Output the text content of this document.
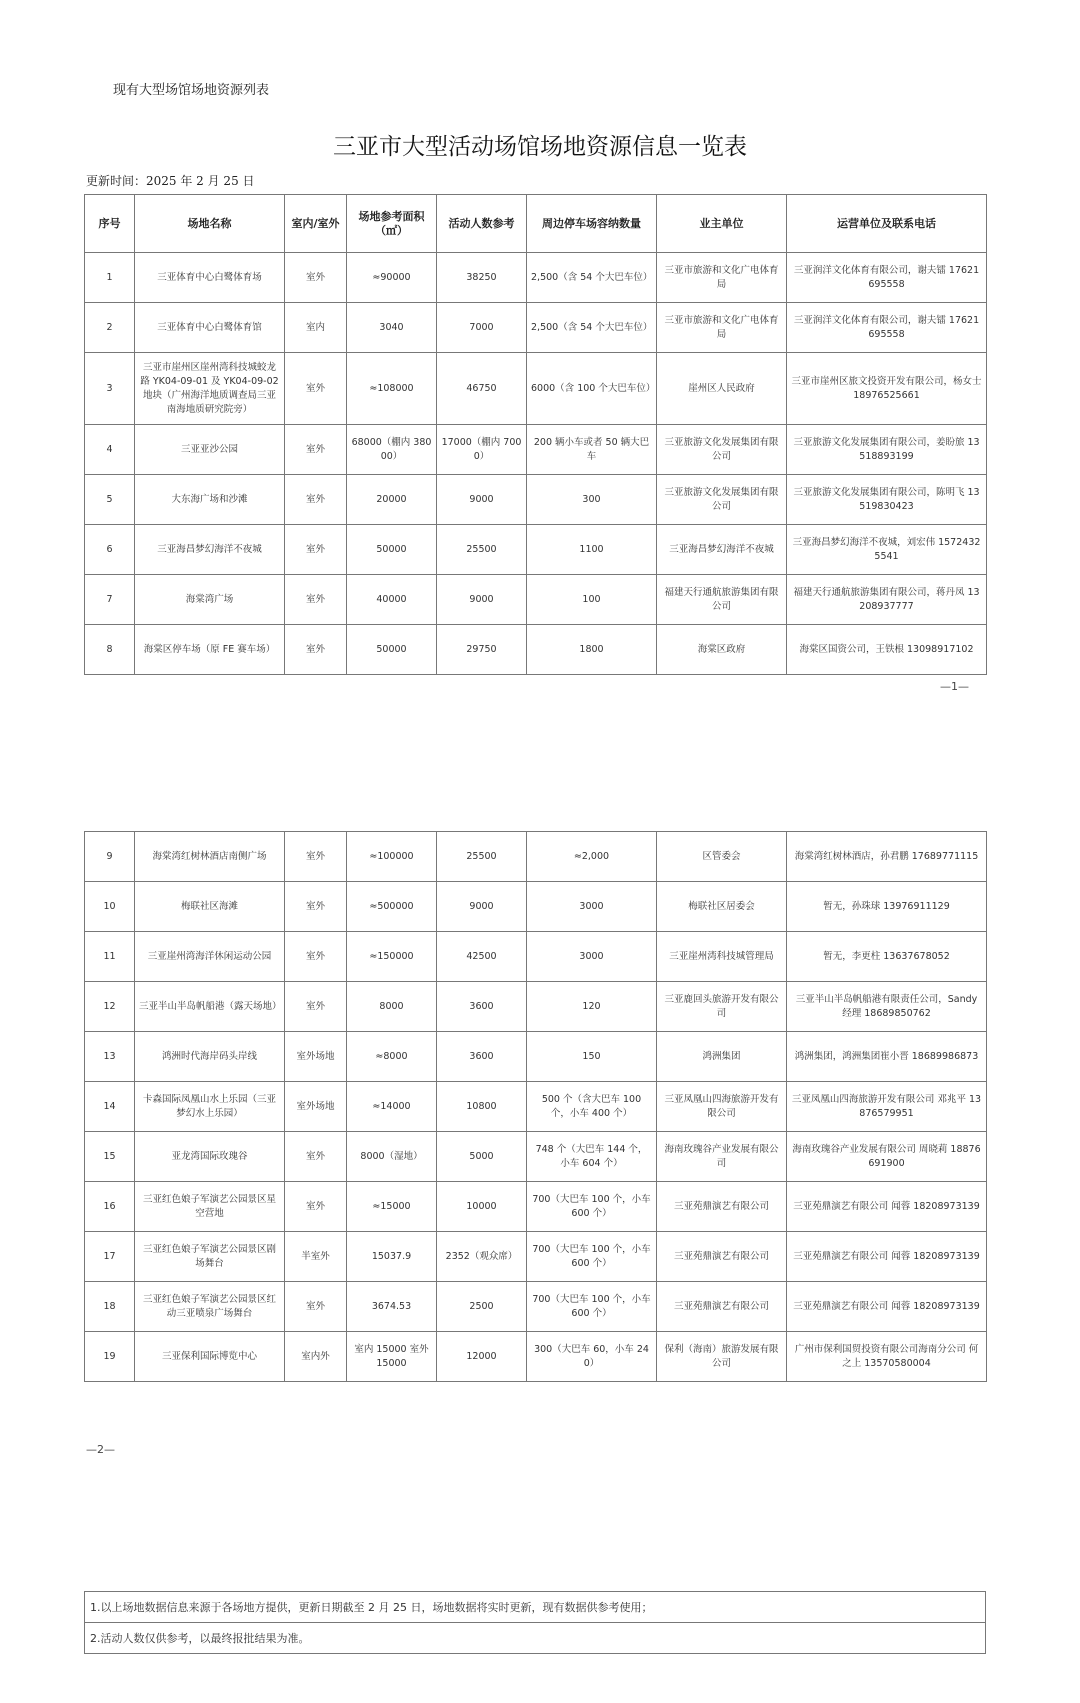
现有大型场馆场地资源列表
三亚市大型活动场馆场地资源信息一览表
更新时间：2025 年 2 月 25 日
序号	场地名称	室内/室外	场地参考面积（㎡）	活动人数参考	周边停车场容纳数量	业主单位	运营单位及联系电话
1	三亚体育中心白鹭体育场	室外	≈90000	38250	2,500（含 54 个大巴车位）	三亚市旅游和文化广电体育局	三亚润洋文化体育有限公司，谢夫镭 17621695558
2	三亚体育中心白鹭体育馆	室内	3040	7000	2,500（含 54 个大巴车位）	三亚市旅游和文化广电体育局	三亚润洋文化体育有限公司，谢夫镭 17621695558
3	三亚市崖州区崖州湾科技城蛟龙路 YK04-09-01 及 YK04-09-02 地块（广州海洋地质调查局三亚南海地质研究院旁）	室外	≈108000	46750	6000（含 100 个大巴车位）	崖州区人民政府	三亚市崖州区旅文投资开发有限公司，杨女士 18976525661
4	三亚亚沙公园	室外	68000（棚内 38000）	17000（棚内 7000）	200 辆小车或者 50 辆大巴车	三亚旅游文化发展集团有限公司	三亚旅游文化发展集团有限公司，姜盼旅 13518893199
5	大东海广场和沙滩	室外	20000	9000	300	三亚旅游文化发展集团有限公司	三亚旅游文化发展集团有限公司，陈明飞 13519830423
6	三亚海昌梦幻海洋不夜城	室外	50000	25500	1100	三亚海昌梦幻海洋不夜城	三亚海昌梦幻海洋不夜城，刘宏伟 15724325541
7	海棠湾广场	室外	40000	9000	100	福建天行通航旅游集团有限公司	福建天行通航旅游集团有限公司，蒋丹凤 13208937777
8	海棠区停车场（原 FE 赛车场）	室外	50000	29750	1800	海棠区政府	海棠区国资公司，王铁根 13098917102
—1—
9	海棠湾红树林酒店南侧广场	室外	≈100000	25500	≈2,000	区管委会	海棠湾红树林酒店，孙君鹏 17689771115
10	梅联社区海滩	室外	≈500000	9000	3000	梅联社区居委会	暂无，孙珠球 13976911129
11	三亚崖州湾海洋休闲运动公园	室外	≈150000	42500	3000	三亚崖州湾科技城管理局	暂无，李更柱 13637678052
12	三亚半山半岛帆船港（露天场地）	室外	8000	3600	120	三亚鹿回头旅游开发有限公司	三亚半山半岛帆船港有限责任公司，Sandy 经理 18689850762
13	鸿洲时代海岸码头岸线	室外场地	≈8000	3600	150	鸿洲集团	鸿洲集团，鸿洲集团崔小晋 18689986873
14	卡森国际凤凰山水上乐园（三亚梦幻水上乐园）	室外场地	≈14000	10800	500 个（含大巴车 100 个，小车 400 个）	三亚凤凰山四海旅游开发有限公司	三亚凤凰山四海旅游开发有限公司 邓兆平 13876579951
15	亚龙湾国际玫瑰谷	室外	8000（湿地）	5000	748 个（大巴车 144 个，小车 604 个）	海南玫瑰谷产业发展有限公司	海南玫瑰谷产业发展有限公司 周晓莉 18876691900
16	三亚红色娘子军演艺公园景区星空营地	室外	≈15000	10000	700（大巴车 100 个，小车 600 个）	三亚苑鼎演艺有限公司	三亚苑鼎演艺有限公司 闻蓉 18208973139
17	三亚红色娘子军演艺公园景区剧场舞台	半室外	15037.9	2352（观众席）	700（大巴车 100 个，小车 600 个）	三亚苑鼎演艺有限公司	三亚苑鼎演艺有限公司 闻蓉 18208973139
18	三亚红色娘子军演艺公园景区红动三亚喷泉广场舞台	室外	3674.53	2500	700（大巴车 100 个，小车 600 个）	三亚苑鼎演艺有限公司	三亚苑鼎演艺有限公司 闻蓉 18208973139
19	三亚保利国际博览中心	室内外	室内 15000 室外 15000	12000	300（大巴车 60，小车 240）	保利（海南）旅游发展有限公司	广州市保利国贸投资有限公司海南分公司 何之上 13570580004
—2—
1.以上场地数据信息来源于各场地方提供，更新日期截至 2 月 25 日，场地数据将实时更新，现有数据供参考使用；
2.活动人数仅供参考，以最终报批结果为准。
